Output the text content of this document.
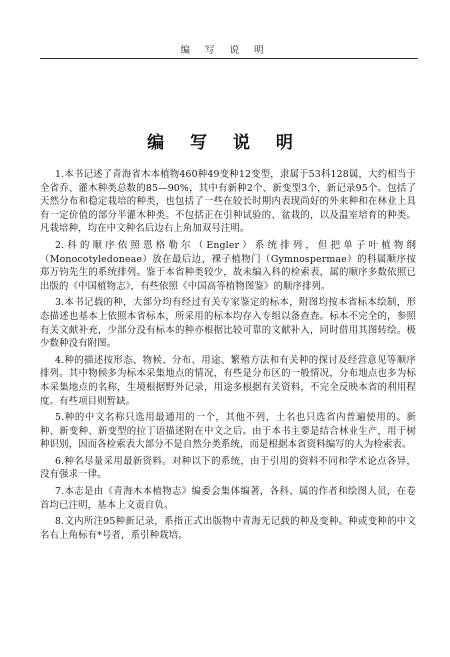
编 写 说 明
编 写 说 明

1.本书记述了青海省木本植物460种49变种12变型，隶属于53科128属，大约相当于全省乔、灌木种类总数的85—90%，其中有新种2个、新变型3个，新记录95个。包括了天然分布和稳定栽培的种类，也包括了一些在较长时期内表现尚好的外来种和在林业上具有一定价值的部分半灌木种类。不包括正在引种试验的、盆栽的，以及温室培育的种类。凡栽培种，均在中文种名后边右上角加双号注明。

2.科的顺序依照恩格勒尔（Engler）系统排列，但把单子叶植物纲（Monocotyledoneae）放在最后边，裸子植物门（Gymnospermae）的科属顺序按郑万钧先生的系统排列。鉴于本省种类较少，故未编入科的检索表，属的顺序多数依照已出版的《中国植物志》，有些依照《中国高等植物图鉴》的顺序排列。

3.本书记载的种，大部分均有经过有关专家鉴定的标本，附图均按本省标本绘制，形态描述也基本上依照本省标本，所采用的标本均存入专组以备查查。标本不完全的，参照有关文献补充，少部分没有标本的种亦根据比较可靠的文献补入，同时借用其图转绘。极少数种没有附图。

4.种的描述按形态、物候、分布、用途、繁殖方法和有关种的探讨及经营意见等顺序排列。其中物候多为标本采集地点的情况，有些是分布区的一般情况，分布地点也多为标本采集地点的名称，生境根据野外记录，用途多根据有关资料，不完全反映本省的利用程度。有些项目则暂缺。

5.种的中文名称只选用最通用的一个，其他不列，土名也只选省内普遍使用的。新种、新变种、新变型的拉丁语描述附在中文之后。由于本书主要是结合林业生产，用于树种识别，因而各检索表大部分不是自然分类系统，而是根据本省资料编写的人为检索表。

6.种名尽量采用最新资料。对种以下的系统，由于引用的资料不同和学术论点各异，没有强求一律。

7.本志是由《青海木本植物志》编委会集体编著，各科、属的作者和绘图人员，在卷首均已注明，基本上文责自负。

8.文内所注95种新记录，系指正式出版物中青海无记载的种及变种。种或变种的中文名右上角标有*号者，系引种栽培。
